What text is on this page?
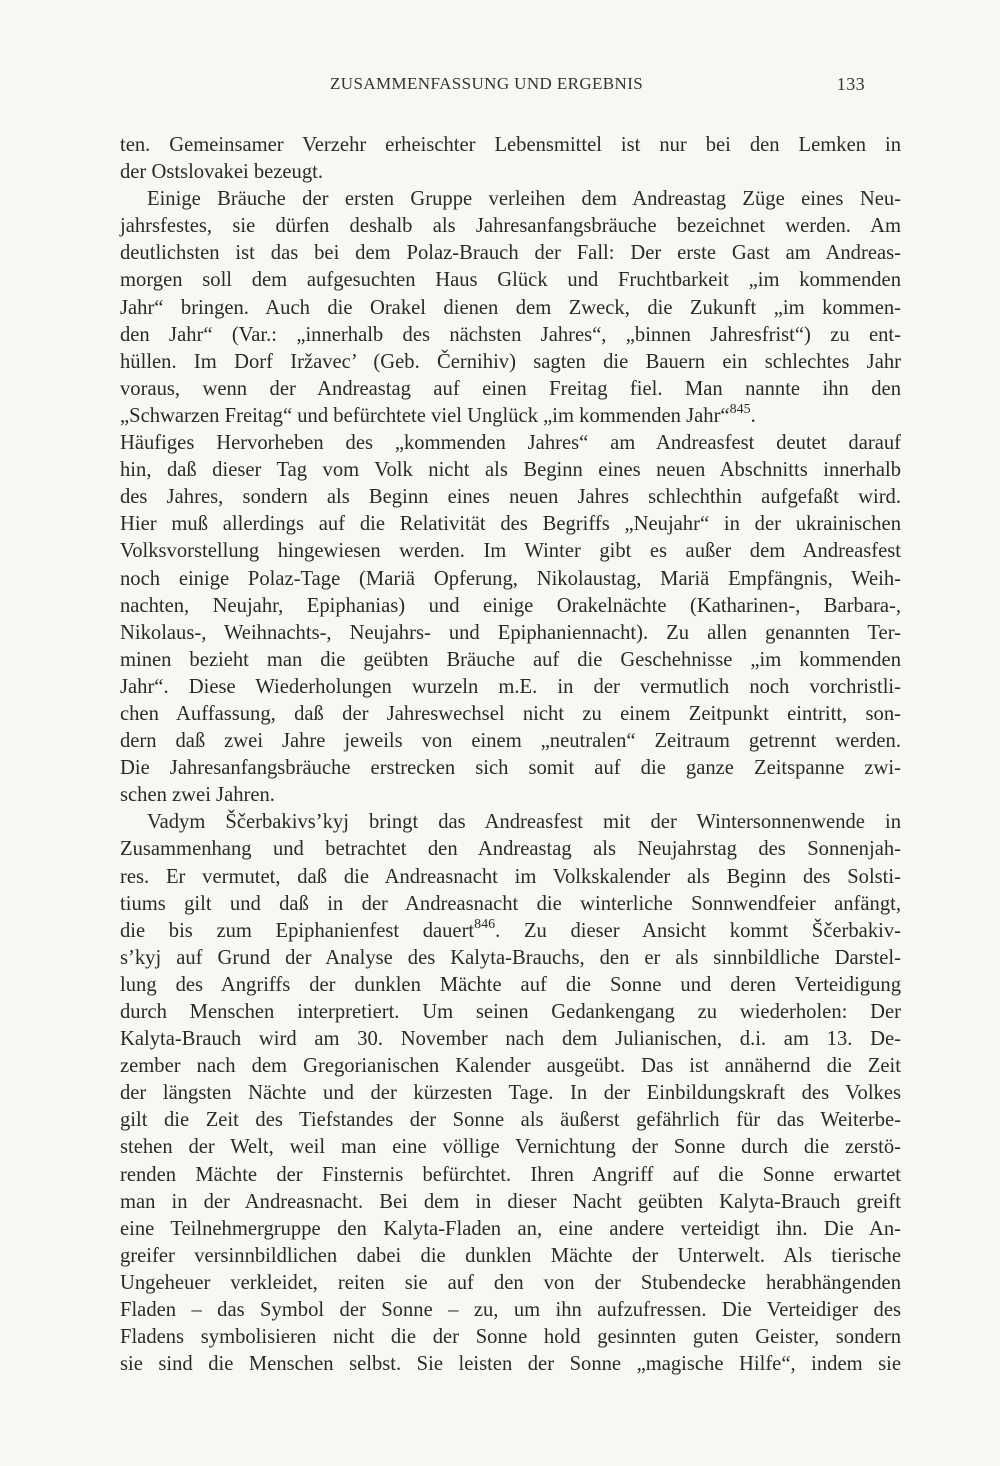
ZUSAMMENFASSUNG UND ERGEBNIS	133
ten. Gemeinsamer Verzehr erheischter Lebensmittel ist nur bei den Lemken in
der Ostslovakei bezeugt.
Einige Bräuche der ersten Gruppe verleihen dem Andreastag Züge eines Neu-
jahrsfestes, sie dürfen deshalb als Jahresanfangsbräuche bezeichnet werden. Am
deutlichsten ist das bei dem Polaz-Brauch der Fall: Der erste Gast am Andreas-
morgen soll dem aufgesuchten Haus Glück und Fruchtbarkeit „im kommenden
Jahr“ bringen. Auch die Orakel dienen dem Zweck, die Zukunft „im kommen-
den Jahr“ (Var.: „innerhalb des nächsten Jahres“, „binnen Jahresfrist“) zu ent-
hüllen. Im Dorf Iržavec’ (Geb. Černihiv) sagten die Bauern ein schlechtes Jahr
voraus, wenn der Andreastag auf einen Freitag fiel. Man nannte ihn den
„Schwarzen Freitag“ und befürchtete viel Unglück „im kommenden Jahr“$^{845}$.
Häufiges Hervorheben des „kommenden Jahres“ am Andreasfest deutet darauf
hin, daß dieser Tag vom Volk nicht als Beginn eines neuen Abschnitts innerhalb
des Jahres, sondern als Beginn eines neuen Jahres schlechthin aufgefaßt wird.
Hier muß allerdings auf die Relativität des Begriffs „Neujahr“ in der ukrainischen
Volksvorstellung hingewiesen werden. Im Winter gibt es außer dem Andreasfest
noch einige Polaz-Tage (Mariä Opferung, Nikolaustag, Mariä Empfängnis, Weih-
nachten, Neujahr, Epiphanias) und einige Orakelnächte (Katharinen-, Barbara-,
Nikolaus-, Weihnachts-, Neujahrs- und Epiphaniennacht). Zu allen genannten Ter-
minen bezieht man die geübten Bräuche auf die Geschehnisse „im kommenden
Jahr“. Diese Wiederholungen wurzeln m.E. in der vermutlich noch vorchristli-
chen Auffassung, daß der Jahreswechsel nicht zu einem Zeitpunkt eintritt, son-
dern daß zwei Jahre jeweils von einem „neutralen“ Zeitraum getrennt werden.
Die Jahresanfangsbräuche erstrecken sich somit auf die ganze Zeitspanne zwi-
schen zwei Jahren.
Vadym Ščerbakivs’kyj bringt das Andreasfest mit der Wintersonnenwende in
Zusammenhang und betrachtet den Andreastag als Neujahrstag des Sonnenjah-
res. Er vermutet, daß die Andreasnacht im Volkskalender als Beginn des Solsti-
tiums gilt und daß in der Andreasnacht die winterliche Sonnwendfeier anfängt,
die bis zum Epiphanienfest dauert$^{846}$. Zu dieser Ansicht kommt Ščerbakiv-
s’kyj auf Grund der Analyse des Kalyta-Brauchs, den er als sinnbildliche Darstel-
lung des Angriffs der dunklen Mächte auf die Sonne und deren Verteidigung
durch Menschen interpretiert. Um seinen Gedankengang zu wiederholen: Der
Kalyta-Brauch wird am 30. November nach dem Julianischen, d.i. am 13. De-
zember nach dem Gregorianischen Kalender ausgeübt. Das ist annähernd die Zeit
der längsten Nächte und der kürzesten Tage. In der Einbildungskraft des Volkes
gilt die Zeit des Tiefstandes der Sonne als äußerst gefährlich für das Weiterbe-
stehen der Welt, weil man eine völlige Vernichtung der Sonne durch die zerstö-
renden Mächte der Finsternis befürchtet. Ihren Angriff auf die Sonne erwartet
man in der Andreasnacht. Bei dem in dieser Nacht geübten Kalyta-Brauch greift
eine Teilnehmergruppe den Kalyta-Fladen an, eine andere verteidigt ihn. Die An-
greifer versinnbildlichen dabei die dunklen Mächte der Unterwelt. Als tierische
Ungeheuer verkleidet, reiten sie auf den von der Stubendecke herabhängenden
Fladen – das Symbol der Sonne – zu, um ihn aufzufressen. Die Verteidiger des
Fladens symbolisieren nicht die der Sonne hold gesinnten guten Geister, sondern
sie sind die Menschen selbst. Sie leisten der Sonne „magische Hilfe“, indem sie
